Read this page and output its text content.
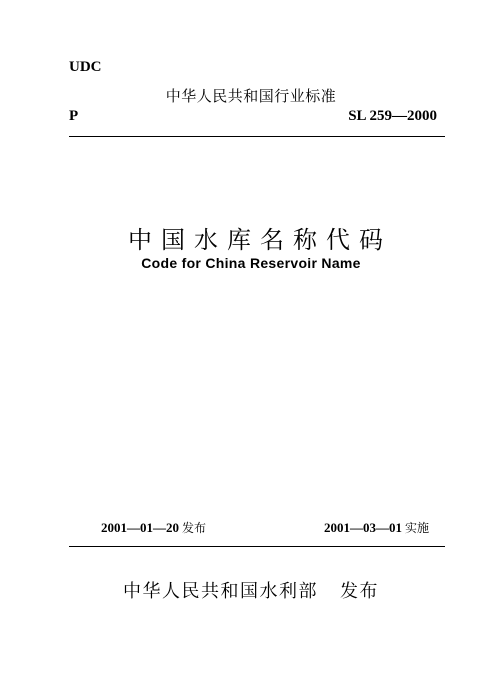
UDC
中华人民共和国行业标准
P	SL 259—2000
中国水库名称代码
Code for China Reservoir Name
2001—01—20 发布	2001—03—01 实施
中华人民共和国水利部 发布
